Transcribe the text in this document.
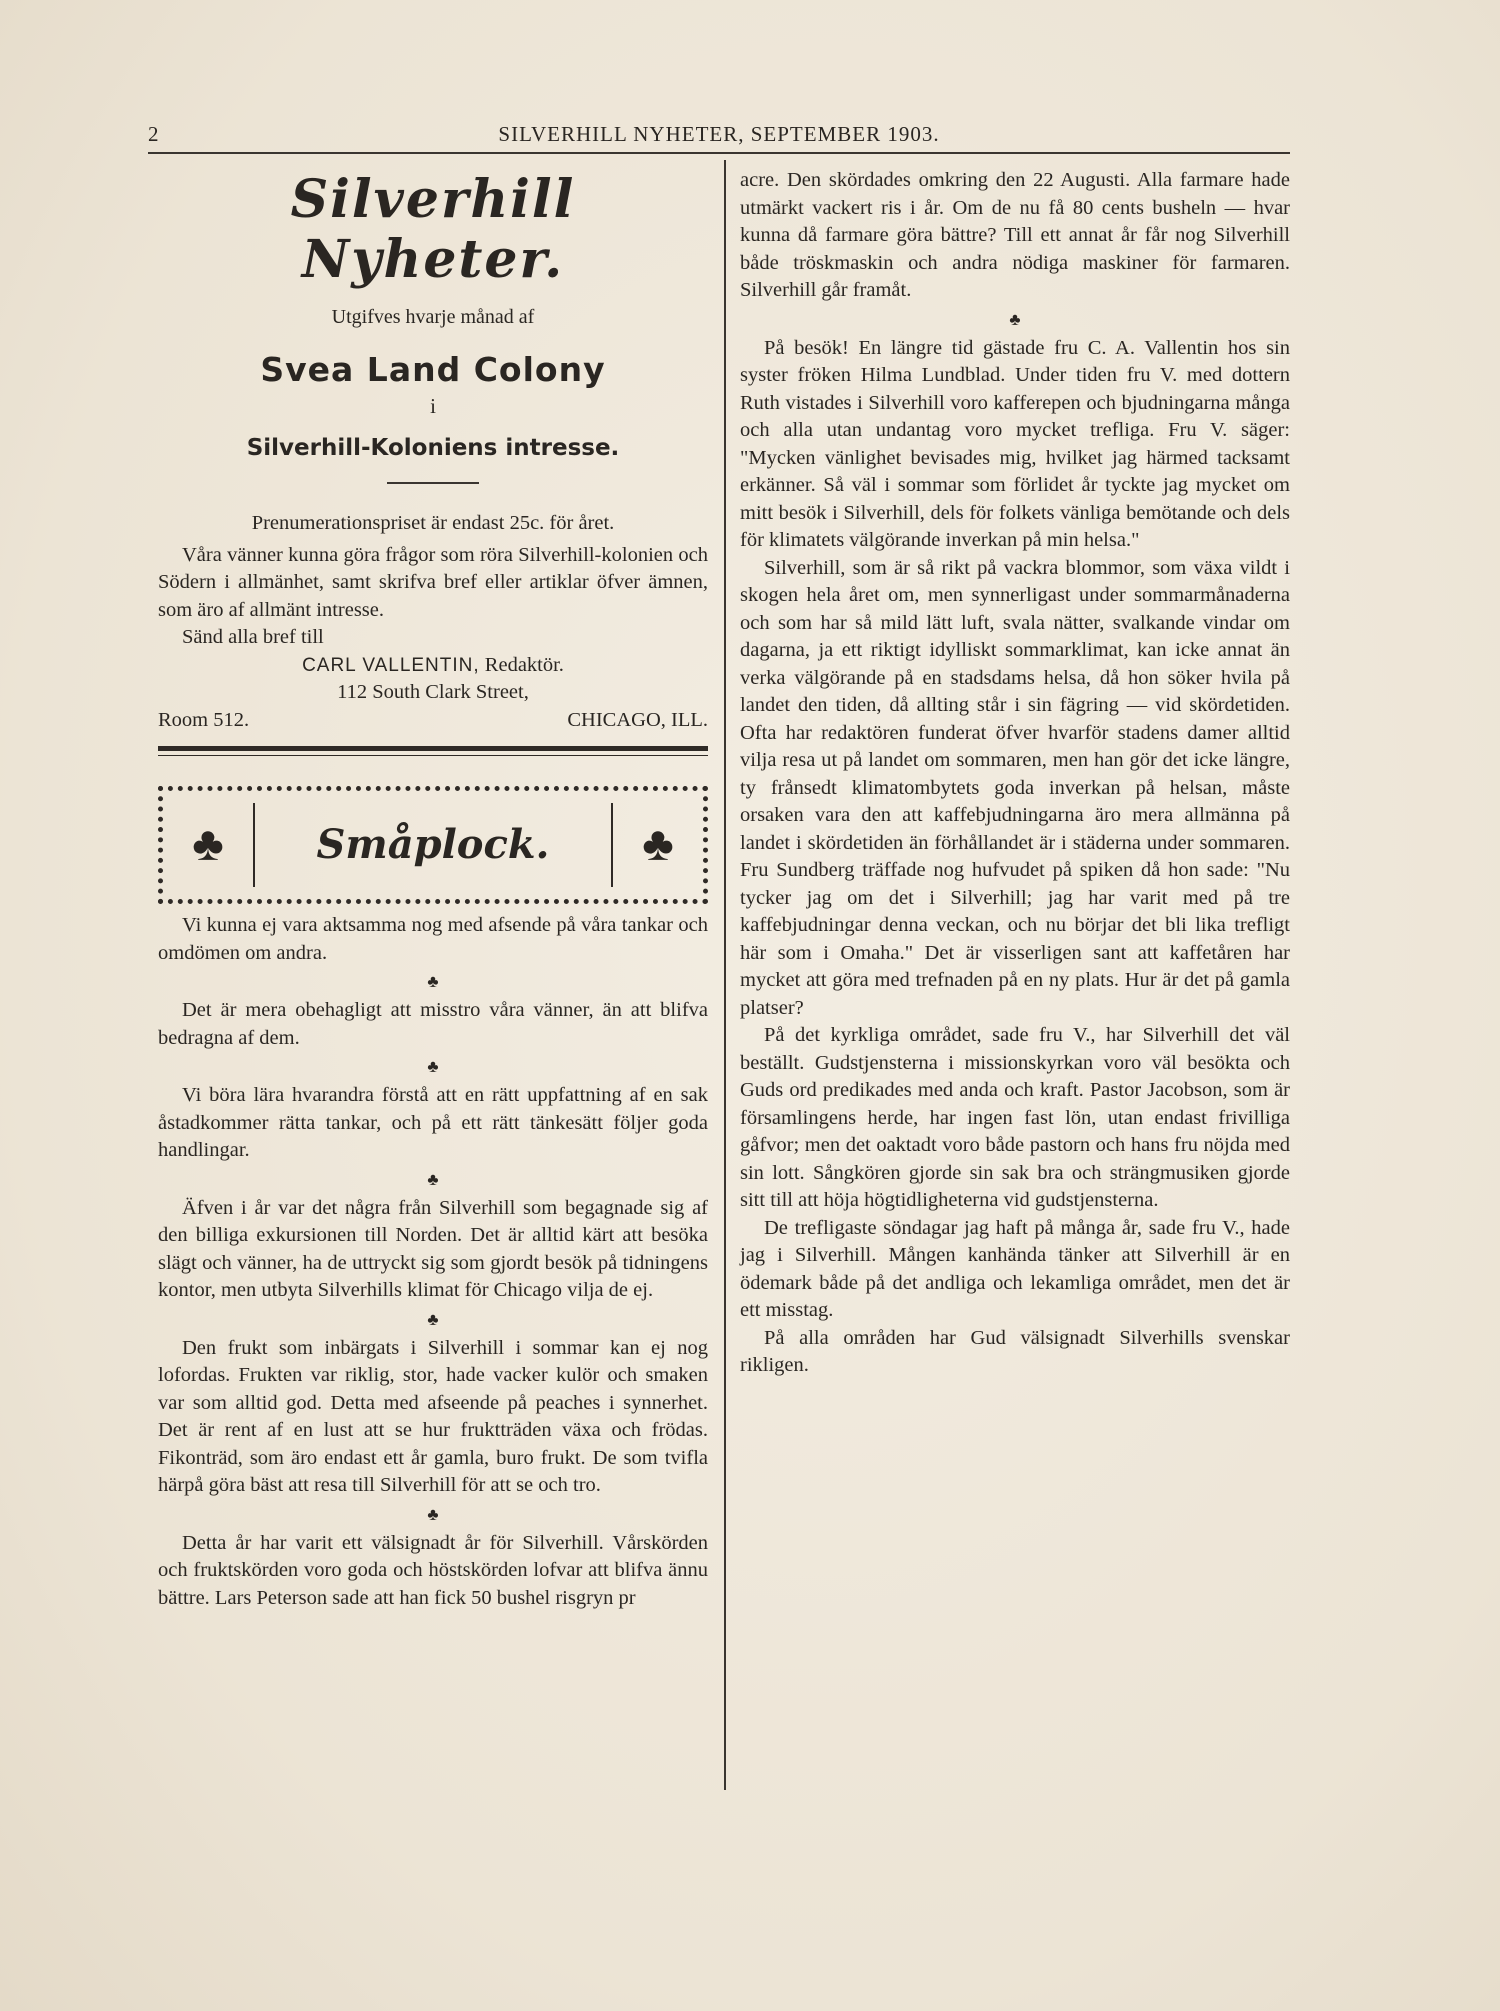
2	SILVERHILL NYHETER, SEPTEMBER 1903.
Silverhill Nyheter.
Utgifves hvarje månad af
Svea Land Colony
i
Silverhill-Koloniens intresse.

Prenumerationspriset är endast 25c. för året.

Våra vänner kunna göra frågor som röra Silverhill-kolonien och Södern i allmänhet, samt skrifva bref eller artiklar öfver ämnen, som äro af allmänt intresse.

Sänd alla bref till

CARL VALLENTIN, Redaktör.

112 South Clark Street,

Room 512.	CHICAGO, ILL.
♣	Småplock.	♣

Vi kunna ej vara aktsamma nog med afsende på våra tankar och omdömen om andra.

♣

Det är mera obehagligt att misstro våra vänner, än att blifva bedragna af dem.

♣

Vi böra lära hvarandra förstå att en rätt uppfattning af en sak åstadkommer rätta tankar, och på ett rätt tänkesätt följer goda handlingar.

♣

Äfven i år var det några från Silverhill som begagnade sig af den billiga exkursionen till Norden. Det är alltid kärt att besöka slägt och vänner, ha de uttryckt sig som gjordt besök på tidningens kontor, men utbyta Silverhills klimat för Chicago vilja de ej.

♣

Den frukt som inbärgats i Silverhill i sommar kan ej nog lofordas. Frukten var riklig, stor, hade vacker kulör och smaken var som alltid god. Detta med afseende på peaches i synnerhet. Det är rent af en lust att se hur fruktträden växa och frödas. Fikonträd, som äro endast ett år gamla, buro frukt. De som tvifla härpå göra bäst att resa till Silverhill för att se och tro.

♣

Detta år har varit ett välsignadt år för Silverhill. Vårskörden och fruktskörden voro goda och höstskörden lofvar att blifva ännu bättre. Lars Peterson sade att han fick 50 bushel risgryn pr

acre. Den skördades omkring den 22 Augusti. Alla farmare hade utmärkt vackert ris i år. Om de nu få 80 cents busheln — hvar kunna då farmare göra bättre? Till ett annat år får nog Silverhill både tröskmaskin och andra nödiga maskiner för farmaren. Silverhill går framåt.

♣

På besök! En längre tid gästade fru C. A. Vallentin hos sin syster fröken Hilma Lundblad. Under tiden fru V. med dottern Ruth vistades i Silverhill voro kafferepen och bjudningarna många och alla utan undantag voro mycket trefliga. Fru V. säger: "Mycken vänlighet bevisades mig, hvilket jag härmed tacksamt erkänner. Så väl i sommar som förlidet år tyckte jag mycket om mitt besök i Silverhill, dels för folkets vänliga bemötande och dels för klimatets välgörande inverkan på min helsa."

Silverhill, som är så rikt på vackra blommor, som växa vildt i skogen hela året om, men synnerligast under sommarmånaderna och som har så mild lätt luft, svala nätter, svalkande vindar om dagarna, ja ett riktigt idylliskt sommarklimat, kan icke annat än verka välgörande på en stadsdams helsa, då hon söker hvila på landet den tiden, då allting står i sin fägring — vid skördetiden. Ofta har redaktören funderat öfver hvarför stadens damer alltid vilja resa ut på landet om sommaren, men han gör det icke längre, ty frånsedt klimatombytets goda inverkan på helsan, måste orsaken vara den att kaffebjudningarna äro mera allmänna på landet i skördetiden än förhållandet är i städerna under sommaren. Fru Sundberg träffade nog hufvudet på spiken då hon sade: "Nu tycker jag om det i Silverhill; jag har varit med på tre kaffebjudningar denna veckan, och nu börjar det bli lika trefligt här som i Omaha." Det är visserligen sant att kaffetåren har mycket att göra med trefnaden på en ny plats. Hur är det på gamla platser?

På det kyrkliga området, sade fru V., har Silverhill det väl beställt. Gudstjensterna i missionskyrkan voro väl besökta och Guds ord predikades med anda och kraft. Pastor Jacobson, som är församlingens herde, har ingen fast lön, utan endast frivilliga gåfvor; men det oaktadt voro både pastorn och hans fru nöjda med sin lott. Sångkören gjorde sin sak bra och strängmusiken gjorde sitt till att höja högtidligheterna vid gudstjensterna.

De trefligaste söndagar jag haft på många år, sade fru V., hade jag i Silverhill. Mången kanhända tänker att Silverhill är en ödemark både på det andliga och lekamliga området, men det är ett misstag.

På alla områden har Gud välsignadt Silverhills svenskar rikligen.
